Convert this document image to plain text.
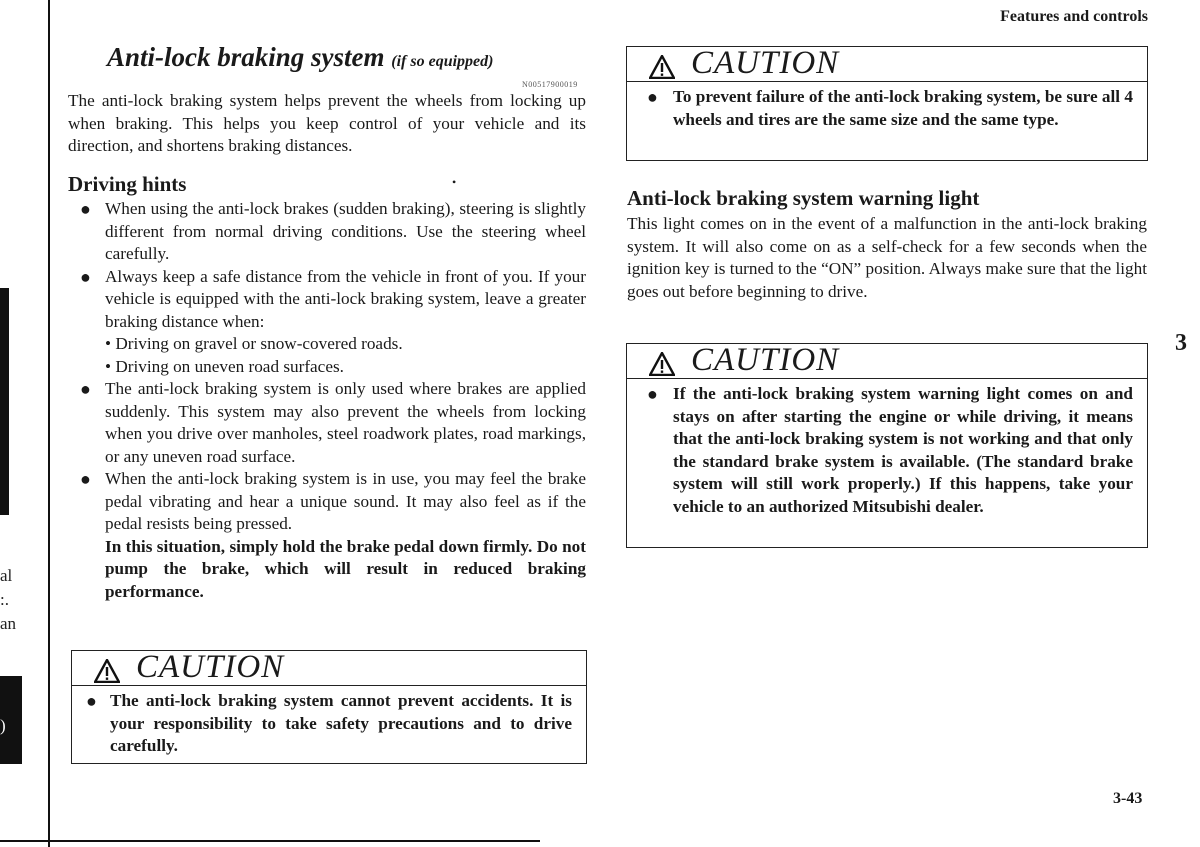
al
:.
an
)
Features and controls
3
3-43
Anti-lock braking system (if so equipped)
N00517900019

The anti-lock braking system helps prevent the wheels from locking up when braking. This helps you keep control of your vehicle and its direction, and shortens braking distances.

Driving hints	•
● When using the anti-lock brakes (sudden braking), steering is slightly different from normal driving conditions. Use the steering wheel carefully.
● Always keep a safe distance from the vehicle in front of you. If your vehicle is equipped with the anti-lock braking system, leave a greater braking distance when:
• Driving on gravel or snow-covered roads.
• Driving on uneven road surfaces.
● The anti-lock braking system is only used where brakes are applied suddenly. This system may also prevent the wheels from locking when you drive over manholes, steel roadwork plates, road markings, or any uneven road surface.
● When the anti-lock braking system is in use, you may feel the brake pedal vibrating and hear a unique sound. It may also feel as if the pedal resists being pressed.
In this situation, simply hold the brake pedal down firmly. Do not pump the brake, which will result in reduced braking performance.
CAUTION
● The anti-lock braking system cannot prevent accidents. It is your responsibility to take safety precautions and to drive carefully.
CAUTION
● To prevent failure of the anti-lock braking system, be sure all 4 wheels and tires are the same size and the same type.
Anti-lock braking system warning light

This light comes on in the event of a malfunction in the anti-lock braking system. It will also come on as a self-check for a few seconds when the ignition key is turned to the “ON” position. Always make sure that the light goes out before beginning to drive.

CAUTION
● If the anti-lock braking system warning light comes on and stays on after starting the engine or while driving, it means that the anti-lock braking system is not working and that only the standard brake system is available. (The standard brake system will still work properly.) If this happens, take your vehicle to an authorized Mitsubishi dealer.
